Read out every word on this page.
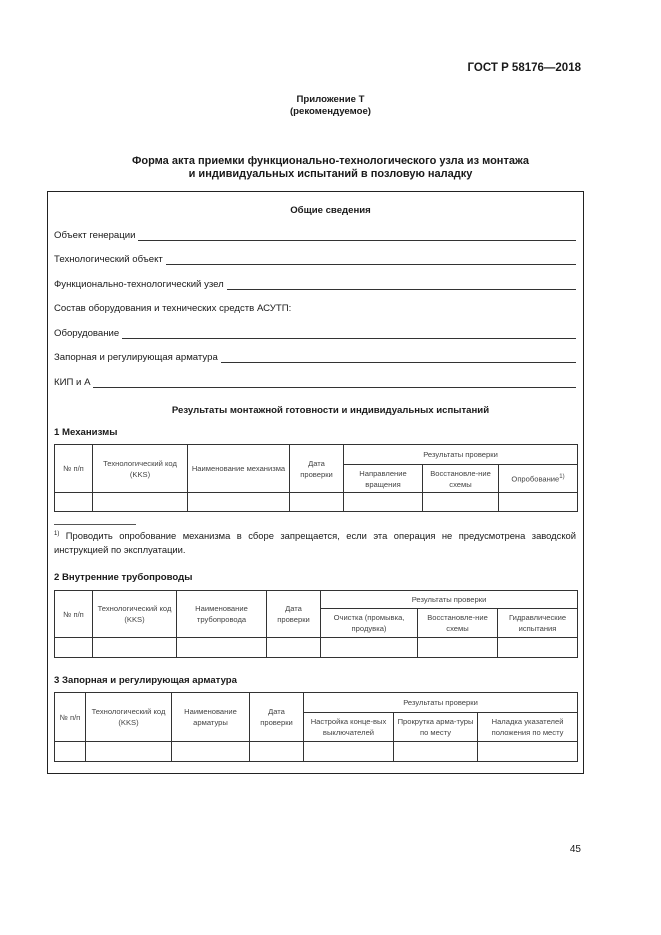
ГОСТ Р 58176—2018
Приложение Т
(рекомендуемое)
Форма акта приемки функционально-технологического узла из монтажа
и индивидуальных испытаний в позловую наладку
Общие сведения
Объект генерации
Технологический объект
Функционально-технологический узел
Состав оборудования и технических средств АСУТП:
Оборудование
Запорная и регулирующая арматура
КИП и А
Результаты монтажной готовности и индивидуальных испытаний
1 Механизмы
№ п/п	Технологический код (KKS)	Наименование механизма	Дата проверки	Результаты проверки		
				Направление вращения	Восстановле-ние схемы	Опробование$^{1)}$

$^{1)}$ Проводить опробование механизма в сборе запрещается, если эта операция не предусмотрена заводской инструкцией по эксплуатации.
2 Внутренние трубопроводы
№ п/п	Технологический код (KKS)	Наименование трубопровода	Дата проверки	Результаты проверки		
				Очистка (промывка, продувка)	Восстановле-ние схемы	Гидравлические испытания

3 Запорная и регулирующая арматура
№ п/п	Технологический код (KKS)	Наименование арматуры	Дата проверки	Результаты проверки		
				Настройка конце-вых выключателей	Прокрутка арма-туры по месту	Наладка указателей положения по месту

45
